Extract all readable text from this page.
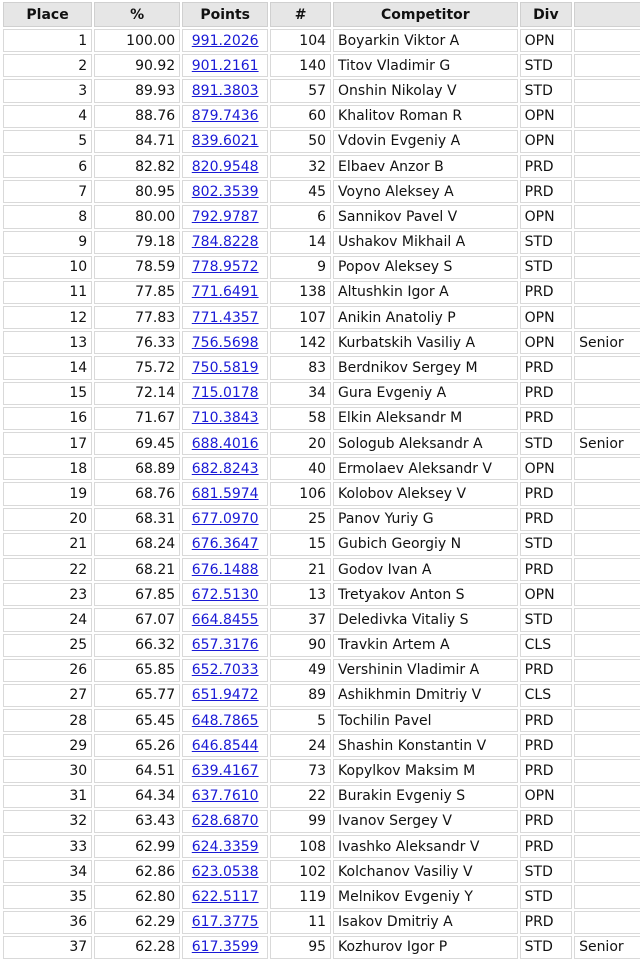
Place	%	Points	#	Competitor	Div	
1	100.00	991.2026	104	Boyarkin Viktor A	OPN	
2	90.92	901.2161	140	Titov Vladimir G	STD	
3	89.93	891.3803	57	Onshin Nikolay V	STD	
4	88.76	879.7436	60	Khalitov Roman R	OPN	
5	84.71	839.6021	50	Vdovin Evgeniy A	OPN	
6	82.82	820.9548	32	Elbaev Anzor B	PRD	
7	80.95	802.3539	45	Voyno Aleksey A	PRD	
8	80.00	792.9787	6	Sannikov Pavel V	OPN	
9	79.18	784.8228	14	Ushakov Mikhail A	STD	
10	78.59	778.9572	9	Popov Aleksey S	STD	
11	77.85	771.6491	138	Altushkin Igor A	PRD	
12	77.83	771.4357	107	Anikin Anatoliy P	OPN	
13	76.33	756.5698	142	Kurbatskih Vasiliy A	OPN	Senior
14	75.72	750.5819	83	Berdnikov Sergey M	PRD	
15	72.14	715.0178	34	Gura Evgeniy A	PRD	
16	71.67	710.3843	58	Elkin Aleksandr M	PRD	
17	69.45	688.4016	20	Sologub Aleksandr A	STD	Senior
18	68.89	682.8243	40	Ermolaev Aleksandr V	OPN	
19	68.76	681.5974	106	Kolobov Aleksey V	PRD	
20	68.31	677.0970	25	Panov Yuriy G	PRD	
21	68.24	676.3647	15	Gubich Georgiy N	STD	
22	68.21	676.1488	21	Godov Ivan A	PRD	
23	67.85	672.5130	13	Tretyakov Anton S	OPN	
24	67.07	664.8455	37	Deledivka Vitaliy S	STD	
25	66.32	657.3176	90	Travkin Artem A	CLS	
26	65.85	652.7033	49	Vershinin Vladimir A	PRD	
27	65.77	651.9472	89	Ashikhmin Dmitriy V	CLS	
28	65.45	648.7865	5	Tochilin Pavel	PRD	
29	65.26	646.8544	24	Shashin Konstantin V	PRD	
30	64.51	639.4167	73	Kopylkov Maksim M	PRD	
31	64.34	637.7610	22	Burakin Evgeniy S	OPN	
32	63.43	628.6870	99	Ivanov Sergey V	PRD	
33	62.99	624.3359	108	Ivashko Aleksandr V	PRD	
34	62.86	623.0538	102	Kolchanov Vasiliy V	STD	
35	62.80	622.5117	119	Melnikov Evgeniy Y	STD	
36	62.29	617.3775	11	Isakov Dmitriy A	PRD	
37	62.28	617.3599	95	Kozhurov Igor P	STD	Senior
